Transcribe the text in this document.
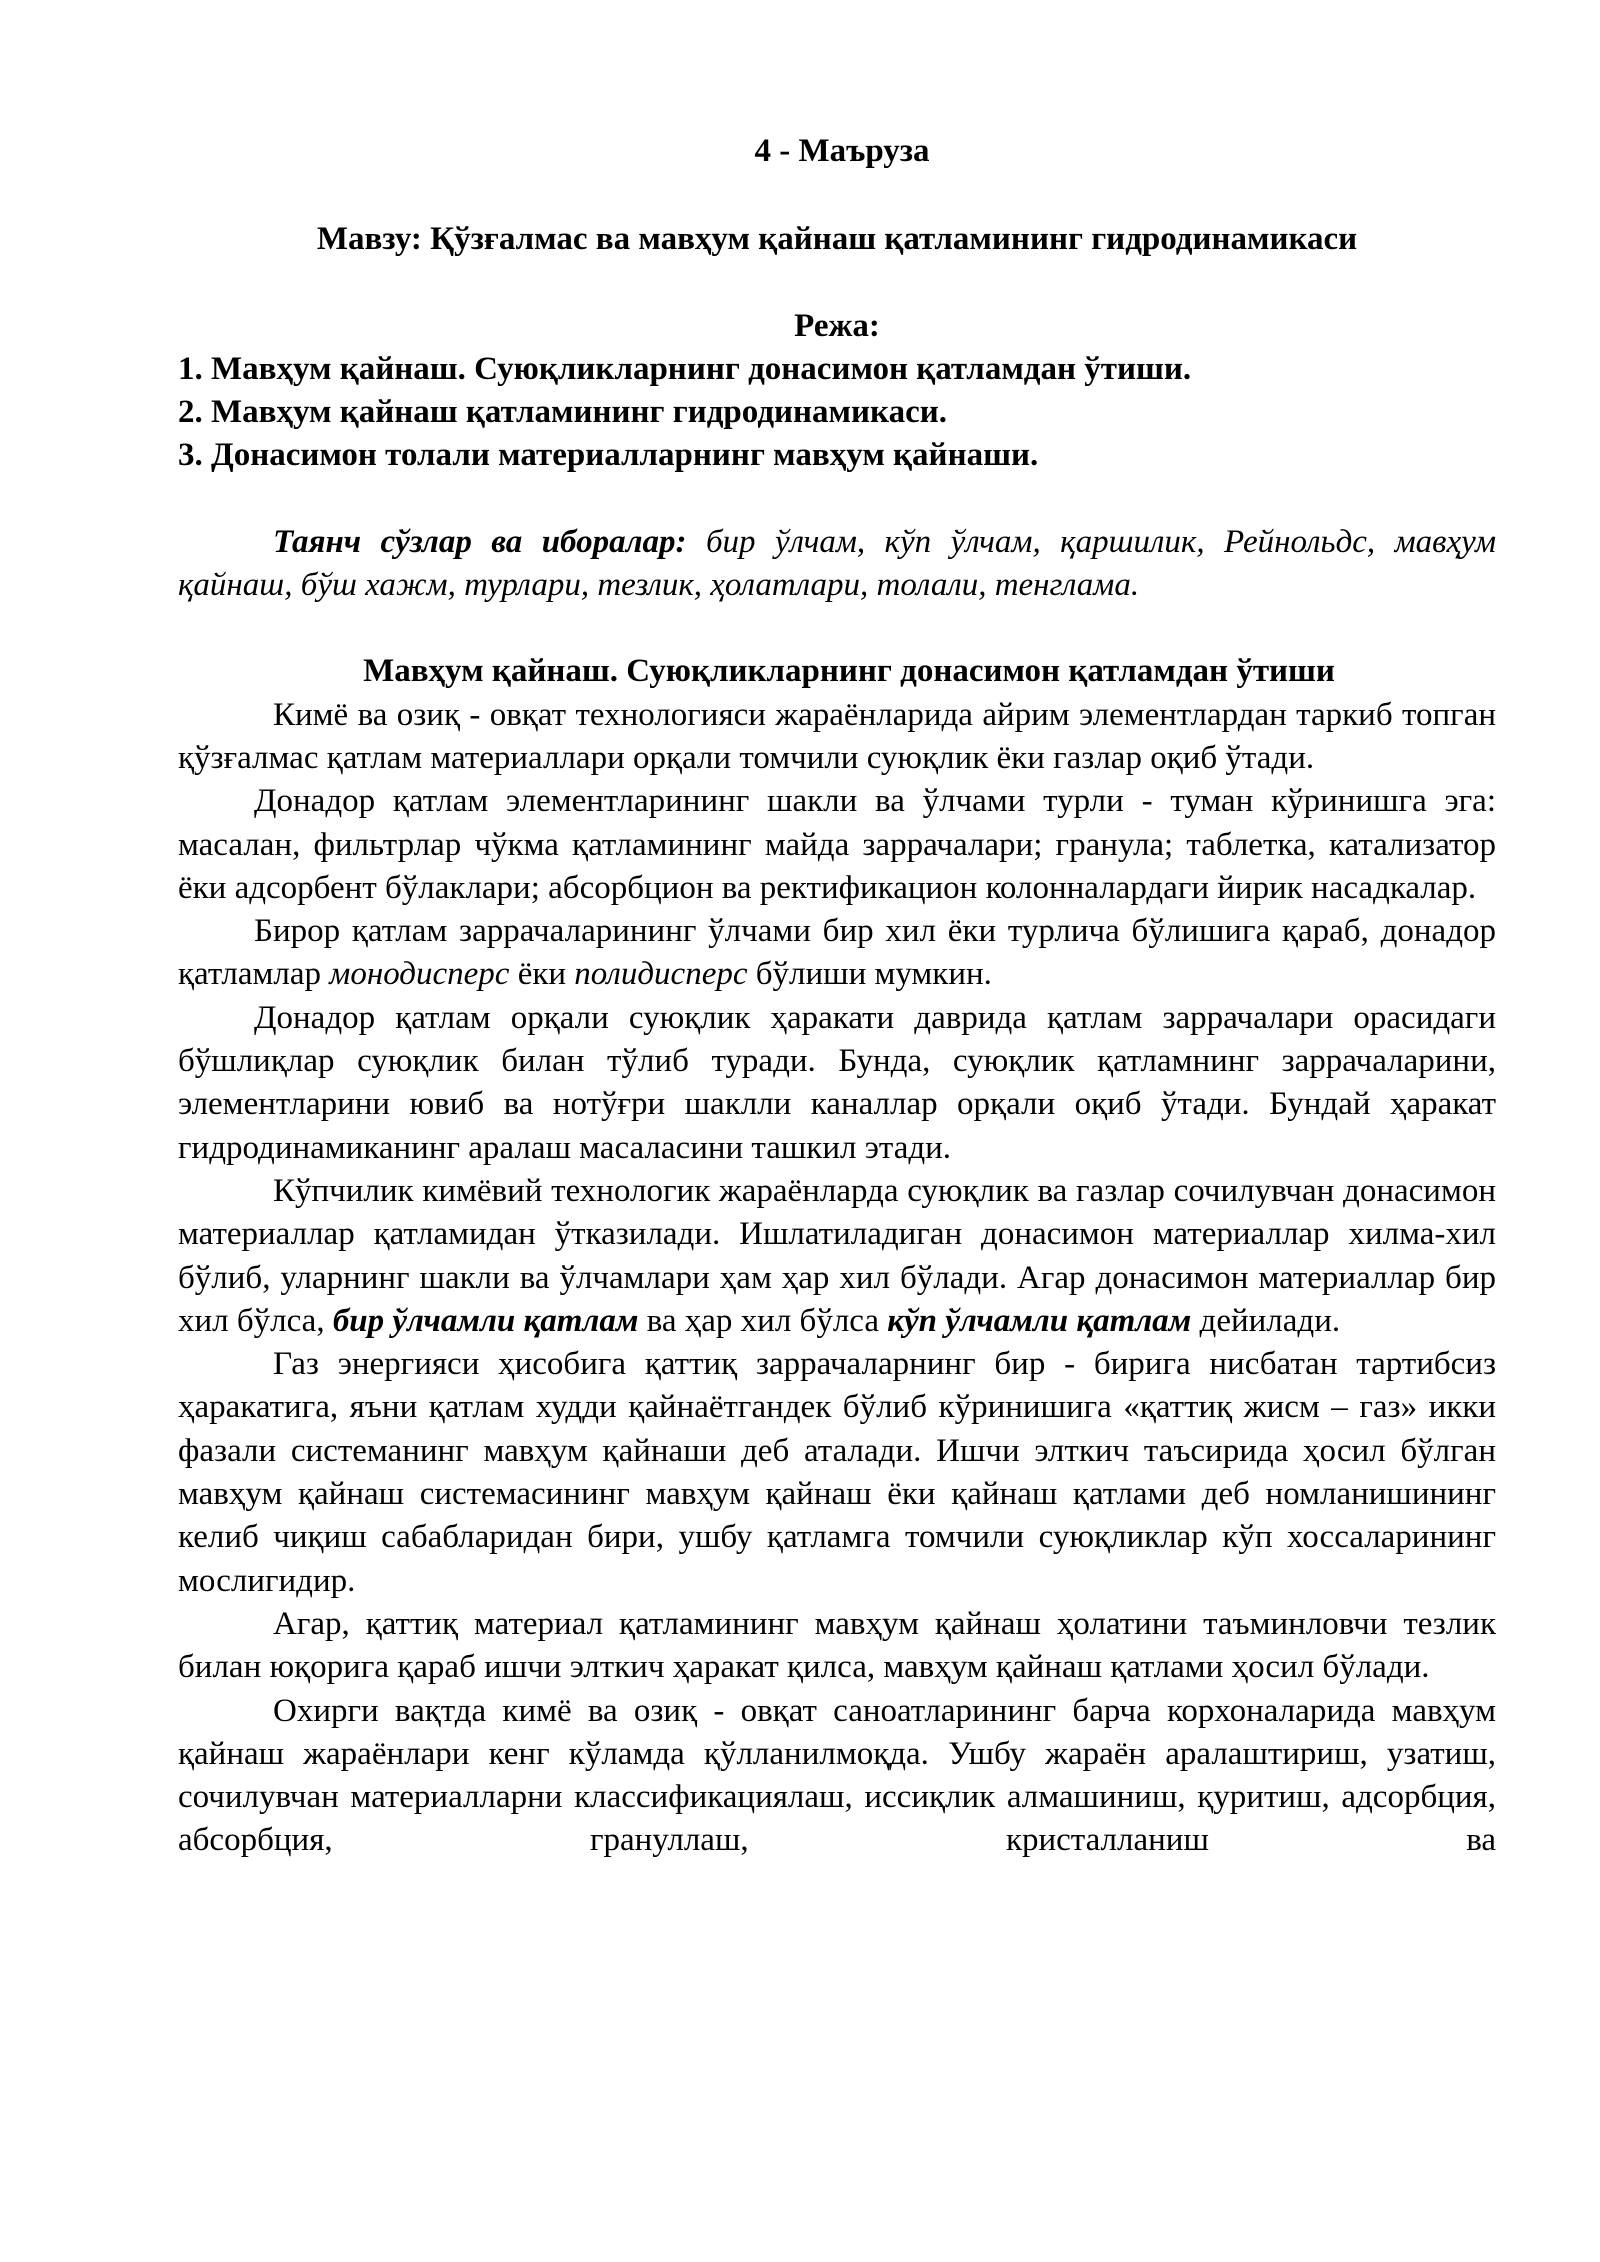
4 - Маъруза

Мавзу: Қўзғалмас ва мавҳум қайнаш қатламининг гидродинамикаси

Режа:

1. Мавҳум қайнаш. Суюқликларнинг донасимон қатламдан ўтиши.
2. Мавҳум қайнаш қатламининг гидродинамикаси.
3. Донасимон толали материалларнинг мавҳум қайнаши.

Таянч сўзлар ва иборалар: бир ўлчам, кўп ўлчам, қаршилик, Рейнольдс, мавҳум қайнаш, бўш хажм, турлари, тезлик, ҳолатлари, толали, тенглама.

Мавҳум қайнаш. Суюқликларнинг донасимон қатламдан ўтиши

Кимё ва озиқ - овқат технологияси жараёнларида айрим элементлардан таркиб топган қўзғалмас қатлам материаллари орқали томчили суюқлик ёки газлар оқиб ўтади.

Донадор қатлам элементларининг шакли ва ўлчами турли - туман кўринишга эга: масалан, фильтрлар чўкма қатламининг майда заррачалари; гранула; таблетка, катализатор ёки адсорбент бўлаклари; абсорбцион ва ректификацион колонналардаги йирик насадкалар.

Бирор қатлам заррачаларининг ўлчами бир хил ёки турлича бўлишига қараб, донадор қатламлар монодисперс ёки полидисперс бўлиши мумкин.

Донадор қатлам орқали суюқлик ҳаракати даврида қатлам заррачалари орасидаги бўшлиқлар суюқлик билан тўлиб туради. Бунда, суюқлик қатламнинг заррачаларини, элементларини ювиб ва нотўғри шаклли каналлар орқали оқиб ўтади. Бундай ҳаракат гидродинамиканинг аралаш масаласини ташкил этади.

Кўпчилик кимёвий технологик жараёнларда суюқлик ва газлар сочилувчан донасимон материаллар қатламидан ўтказилади. Ишлатиладиган донасимон материаллар хилма-хил бўлиб, уларнинг шакли ва ўлчамлари ҳам ҳар хил бўлади. Агар донасимон материаллар бир хил бўлса, бир ўлчамли қатлам ва ҳар хил бўлса кўп ўлчамли қатлам дейилади.

Газ энергияси ҳисобига қаттиқ заррачаларнинг бир - бирига нисбатан тартибсиз ҳаракатига, яъни қатлам худди қайнаётгандек бўлиб кўринишига «қаттиқ жисм – газ» икки фазали системанинг мавҳум қайнаши деб аталади. Ишчи элткич таъсирида ҳосил бўлган мавҳум қайнаш системасининг мавҳум қайнаш ёки қайнаш қатлами деб номланишининг келиб чиқиш сабабларидан бири, ушбу қатламга томчили суюқликлар кўп хоссаларининг мослигидир.

Агар, қаттиқ материал қатламининг мавҳум қайнаш ҳолатини таъминловчи тезлик билан юқорига қараб ишчи элткич ҳаракат қилса, мавҳум қайнаш қатлами ҳосил бўлади.

Охирги вақтда кимё ва озиқ - овқат саноатларининг барча корхоналарида мавҳум қайнаш жараёнлари кенг кўламда қўлланилмоқда. Ушбу жараён аралаштириш, узатиш, сочилувчан материалларни классификациялаш, иссиқлик алмашиниш, қуритиш, адсорбция, абсорбция, грануллаш, кристалланиш ва
